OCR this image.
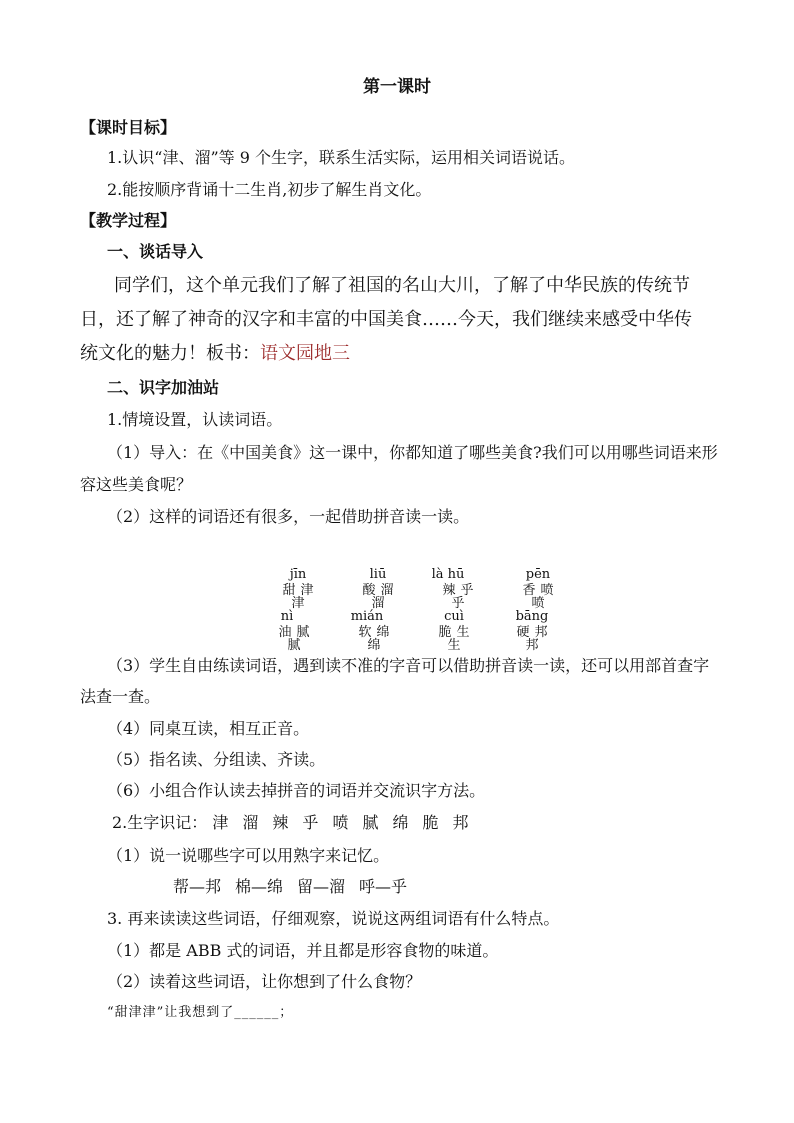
第一课时
【课时目标】
1.认识“津、溜”等 9 个生字，联系生活实际，运用相关词语说话。
2.能按顺序背诵十二生肖,初步了解生肖文化。
【教学过程】
一、谈话导入
同学们，这个单元我们了解了祖国的名山大川，了解了中华民族的传统节
日，还了解了神奇的汉字和丰富的中国美食……今天，我们继续来感受中华传
统文化的魅力！板书：语文园地三
二、识字加油站
1.情境设置，认读词语。
（1）导入：在《中国美食》这一课中，你都知道了哪些美食?我们可以用哪些词语来形
容这些美食呢？
（2）这样的词语还有很多，一起借助拼音读一读。
jīn
甜津津
liū
酸溜溜
là hū
辣乎乎
pēn
香喷喷
nì
油腻腻
mián
软绵绵
cuì
脆生生
bāng
硬邦邦
（3）学生自由练读词语，遇到读不准的字音可以借助拼音读一读，还可以用部首查字
法查一查。
（4）同桌互读，相互正音。
（5）指名读、分组读、齐读。
（6）小组合作认读去掉拼音的词语并交流识字方法。
2.生字识记： 津 溜 辣 乎 喷 腻 绵 脆 邦
（1）说一说哪些字可以用熟字来记忆。
帮—邦 棉—绵 留—溜 呼—乎
3. 再来读读这些词语，仔细观察，说说这两组词语有什么特点。
（1）都是 ABB 式的词语，并且都是形容食物的味道。
（2）读着这些词语，让你想到了什么食物？
“甜津津”让我想到了______；
